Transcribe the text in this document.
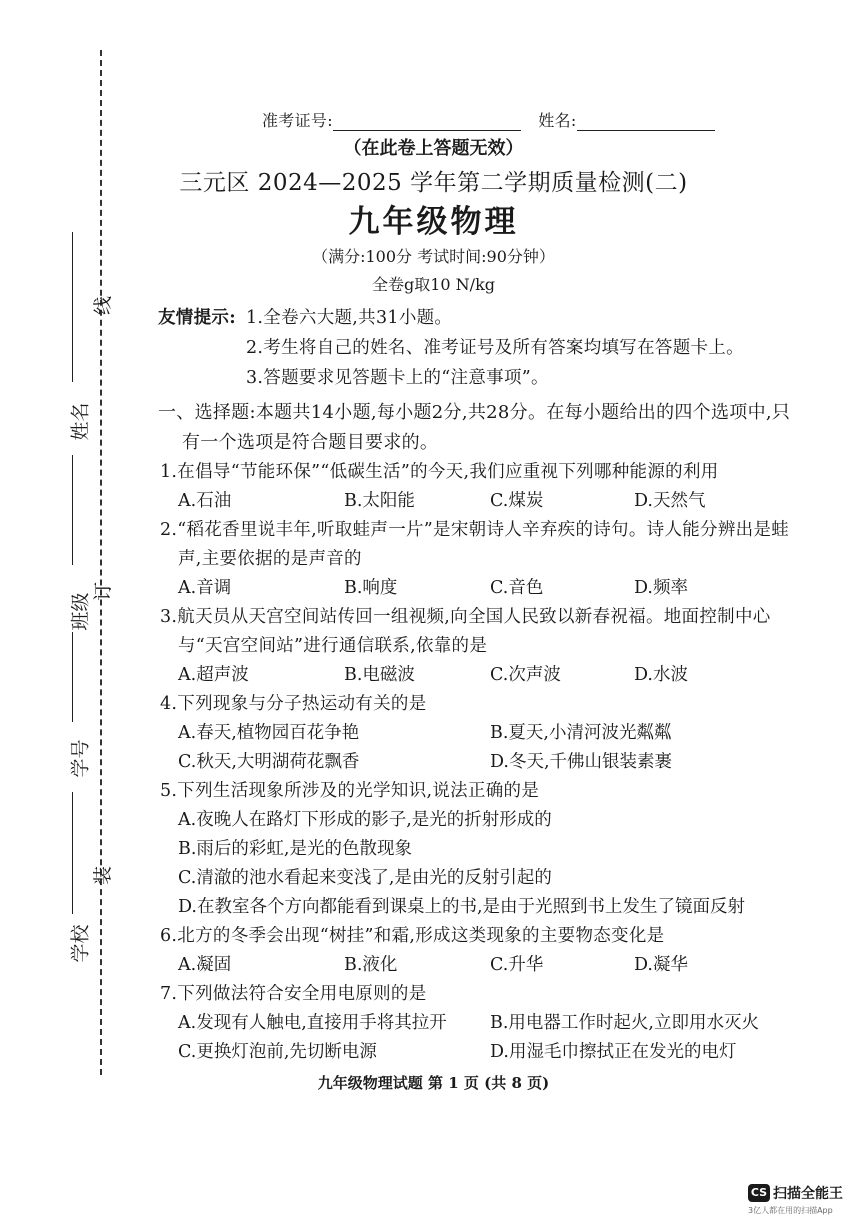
线
订
装
姓名
班级
学号
学校
准考证号:	姓名:
（在此卷上答题无效）
三元区 2024—2025 学年第二学期质量检测(二)
九年级物理
（满分:100分 考试时间:90分钟）
全卷g取10 N/kg
友情提示: 1.全卷六大题,共31小题。
2.考生将自己的姓名、准考证号及所有答案均填写在答题卡上。
3.答题要求见答题卡上的“注意事项”。
一、选择题:本题共14小题,每小题2分,共28分。在每小题给出的四个选项中,只
有一个选项是符合题目要求的。
1.在倡导“节能环保”“低碳生活”的今天,我们应重视下列哪种能源的利用
A.石油	B.太阳能	C.煤炭	D.天然气
2.“稻花香里说丰年,听取蛙声一片”是宋朝诗人辛弃疾的诗句。诗人能分辨出是蛙
声,主要依据的是声音的
A.音调	B.响度	C.音色	D.频率
3.航天员从天宫空间站传回一组视频,向全国人民致以新春祝福。地面控制中心
与“天宫空间站”进行通信联系,依靠的是
A.超声波	B.电磁波	C.次声波	D.水波
4.下列现象与分子热运动有关的是
A.春天,植物园百花争艳	B.夏天,小清河波光粼粼
C.秋天,大明湖荷花飘香	D.冬天,千佛山银装素裹
5.下列生活现象所涉及的光学知识,说法正确的是
A.夜晚人在路灯下形成的影子,是光的折射形成的
B.雨后的彩虹,是光的色散现象
C.清澈的池水看起来变浅了,是由光的反射引起的
D.在教室各个方向都能看到课桌上的书,是由于光照到书上发生了镜面反射
6.北方的冬季会出现“树挂”和霜,形成这类现象的主要物态变化是
A.凝固	B.液化	C.升华	D.凝华
7.下列做法符合安全用电原则的是
A.发现有人触电,直接用手将其拉开 B.用电器工作时起火,立即用水灭火
C.更换灯泡前,先切断电源	D.用湿毛巾擦拭正在发光的电灯
九年级物理试题 第 1 页 (共 8 页)
CS 扫描全能王
3亿人都在用的扫描App
